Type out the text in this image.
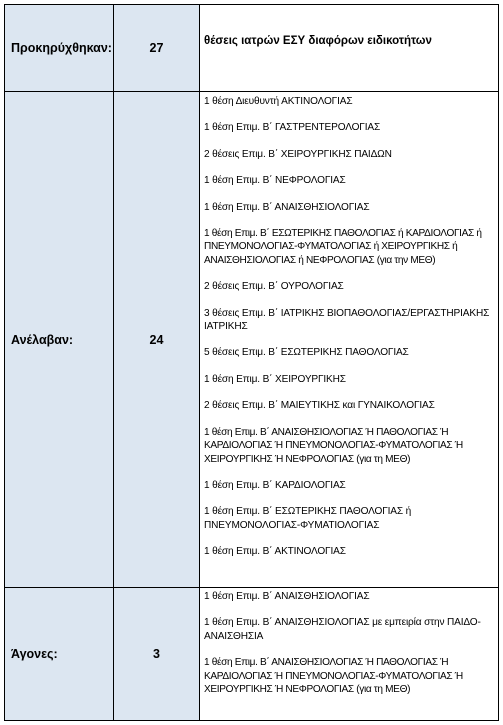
Προκηρύχθηκαν:	27	θέσεις ιατρών ΕΣΥ διαφόρων ειδικοτήτων
Ανέλαβαν:	24
1 θέση Διευθυντή ΑΚΤΙΝΟΛΟΓΙΑΣ
1 θέση Επιμ. Β΄ ΓΑΣΤΡΕΝΤΕΡΟΛΟΓΙΑΣ
2 θέσεις Επιμ. Β΄ ΧΕΙΡΟΥΡΓΙΚΗΣ ΠΑΙΔΩΝ
1 θέση Επιμ. Β΄ ΝΕΦΡΟΛΟΓΙΑΣ
1 θέση Επιμ. Β΄ ΑΝΑΙΣΘΗΣΙΟΛΟΓΙΑΣ
1 θέση Επιμ. Β΄ ΕΣΩΤΕΡΙΚΗΣ ΠΑΘΟΛΟΓΙΑΣ ή ΚΑΡΔΙΟΛΟΓΙΑΣ ή ΠΝΕΥΜΟΝΟΛΟΓΙΑΣ-ΦΥΜΑΤΟΛΟΓΙΑΣ ή ΧΕΙΡΟΥΡΓΙΚΗΣ ή ΑΝΑΙΣΘΗΣΙΟΛΟΓΙΑΣ ή ΝΕΦΡΟΛΟΓΙΑΣ (για την ΜΕΘ)
2 θέσεις Επιμ. Β΄ ΟΥΡΟΛΟΓΙΑΣ
3 θέσεις Επιμ. Β΄ ΙΑΤΡΙΚΗΣ ΒΙΟΠΑΘΟΛΟΓΙΑΣ/ΕΡΓΑΣΤΗΡΙΑΚΗΣ ΙΑΤΡΙΚΗΣ
5 θέσεις Επιμ. Β΄ ΕΣΩΤΕΡΙΚΗΣ ΠΑΘΟΛΟΓΙΑΣ
1 θέση Επιμ. Β΄ ΧΕΙΡΟΥΡΓΙΚΗΣ
2 θέσεις Επιμ. Β΄ ΜΑΙΕΥΤΙΚΗΣ και ΓΥΝΑΙΚΟΛΟΓΙΑΣ
1 θέση Επιμ. Β΄ ΑΝΑΙΣΘΗΣΙΟΛΟΓΙΑΣ Ή ΠΑΘΟΛΟΓΙΑΣ Ή ΚΑΡΔΙΟΛΟΓΙΑΣ Ή ΠΝΕΥΜΟΝΟΛΟΓΙΑΣ-ΦΥΜΑΤΟΛΟΓΙΑΣ Ή ΧΕΙΡΟΥΡΓΙΚΗΣ Ή ΝΕΦΡΟΛΟΓΙΑΣ (για τη ΜΕΘ)
1 θέση Επιμ. Β΄ ΚΑΡΔΙΟΛΟΓΙΑΣ
1 θέση Επιμ. Β΄ ΕΣΩΤΕΡΙΚΗΣ ΠΑΘΟΛΟΓΙΑΣ ή ΠΝΕΥΜΟΝΟΛΟΓΙΑΣ-ΦΥΜΑΤΙΟΛΟΓΙΑΣ
1 θέση Επιμ. Β΄ ΑΚΤΙΝΟΛΟΓΙΑΣ
Άγονες:	3
1 θέση Επιμ. Β΄ ΑΝΑΙΣΘΗΣΙΟΛΟΓΙΑΣ
1 θέση Επιμ. Β΄ ΑΝΑΙΣΘΗΣΙΟΛΟΓΙΑΣ με εμπειρία στην ΠΑΙΔΟ-ΑΝΑΙΣΘΗΣΙΑ
1 θέση Επιμ. Β΄ ΑΝΑΙΣΘΗΣΙΟΛΟΓΙΑΣ Ή ΠΑΘΟΛΟΓΙΑΣ Ή ΚΑΡΔΙΟΛΟΓΙΑΣ Ή ΠΝΕΥΜΟΝΟΛΟΓΙΑΣ-ΦΥΜΑΤΟΛΟΓΙΑΣ Ή ΧΕΙΡΟΥΡΓΙΚΗΣ Ή ΝΕΦΡΟΛΟΓΙΑΣ (για τη ΜΕΘ)
